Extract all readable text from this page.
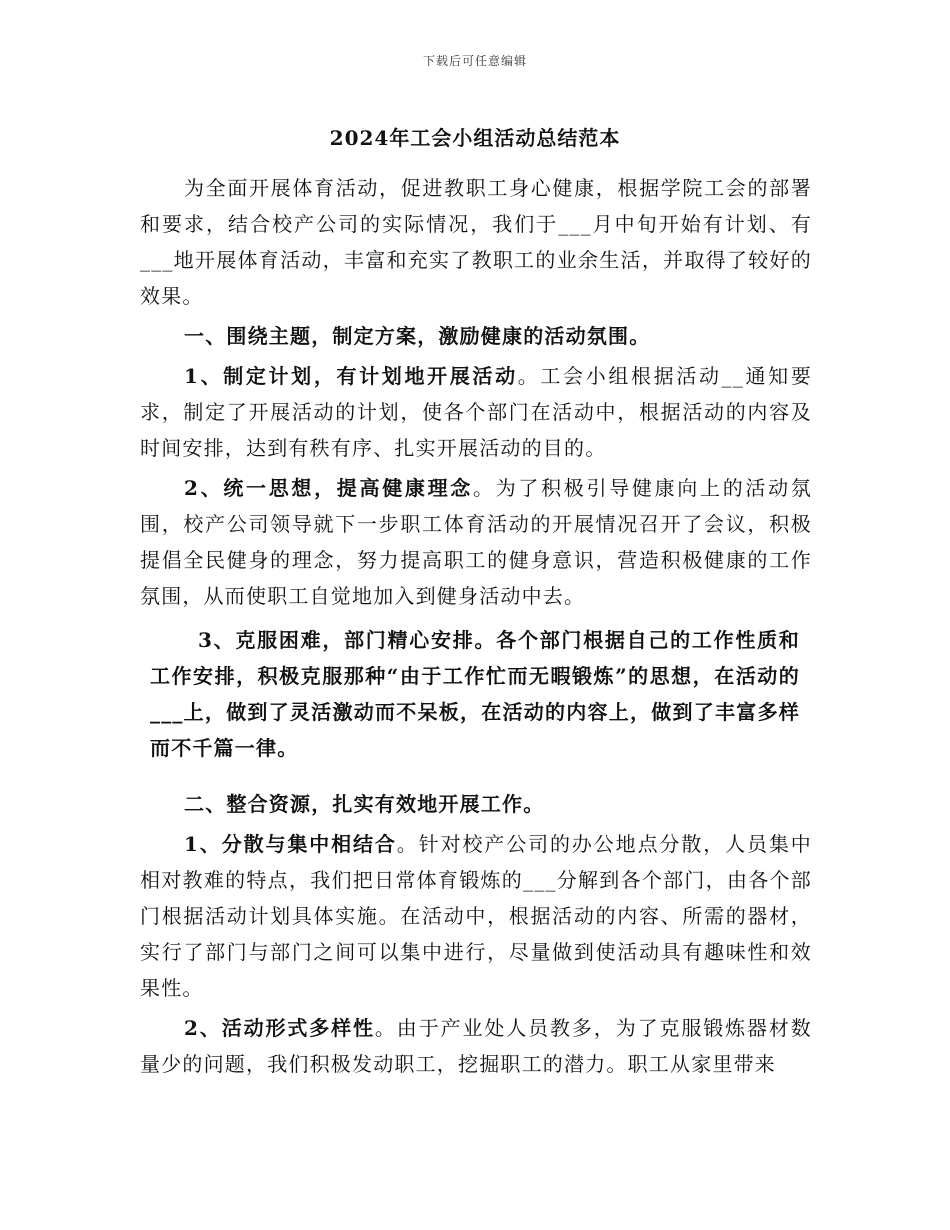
下载后可任意编辑
2024年工会小组活动总结范本

为全面开展体育活动，促进教职工身心健康，根据学院工会的部署和要求，结合校产公司的实际情况，我们于___月中旬开始有计划、有___地开展体育活动，丰富和充实了教职工的业余生活，并取得了较好的效果。

一、围绕主题，制定方案，激励健康的活动氛围。

1、制定计划，有计划地开展活动。工会小组根据活动__通知要求，制定了开展活动的计划，使各个部门在活动中，根据活动的内容及时间安排，达到有秩有序、扎实开展活动的目的。

2、统一思想，提高健康理念。为了积极引导健康向上的活动氛围，校产公司领导就下一步职工体育活动的开展情况召开了会议，积极提倡全民健身的理念，努力提高职工的健身意识，营造积极健康的工作氛围，从而使职工自觉地加入到健身活动中去。

3、克服困难，部门精心安排。各个部门根据自己的工作性质和工作安排，积极克服那种“由于工作忙而无暇锻炼”的思想，在活动的___上，做到了灵活激动而不呆板，在活动的内容上，做到了丰富多样而不千篇一律。

二、整合资源，扎实有效地开展工作。

1、分散与集中相结合。针对校产公司的办公地点分散，人员集中相对教难的特点，我们把日常体育锻炼的___分解到各个部门，由各个部门根据活动计划具体实施。在活动中，根据活动的内容、所需的器材，实行了部门与部门之间可以集中进行，尽量做到使活动具有趣味性和效果性。

2、活动形式多样性。由于产业处人员教多，为了克服锻炼器材数量少的问题，我们积极发动职工，挖掘职工的潜力。职工从家里带来
